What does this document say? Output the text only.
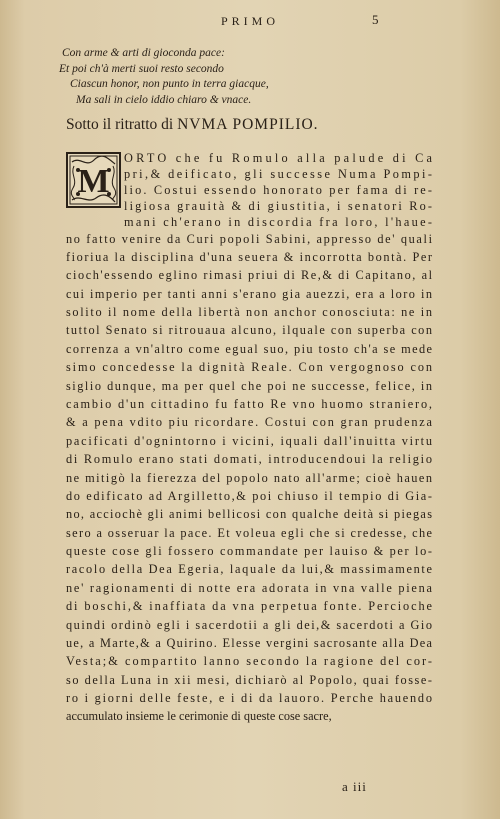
PRIMO	5
Con arme & arti di gioconda pace:
Et poi ch'à merti suoi resto secondo
Ciascun honor, non punto in terra giacque,
Ma sali in cielo iddio chiaro & vnace.
Sotto il ritratto di NVMA POMPILIO.
M
ORTO che fu Romulo alla palude di Ca
pri,& deificato, gli successe Numa Pompi-
lio. Costui essendo honorato per fama di re-
ligiosa grauità & di giustitia, i senatori Ro-
mani ch'erano in discordia fra loro, l'haue-
no fatto venire da Curi popoli Sabini, appresso de' quali
fioriua la disciplina d'una seuera & incorrotta bontà. Per
cioch'essendo eglino rimasi priui di Re,& di Capitano, al
cui imperio per tanti anni s'erano gia auezzi, era a loro in
solito il nome della libertà non anchor conosciuta: ne in
tuttol Senato si ritrouaua alcuno, ilquale con superba con
correnza a vn'altro come egual suo, piu tosto ch'a se mede
simo concedesse la dignità Reale. Con vergognoso con
siglio dunque, ma per quel che poi ne successe, felice, in
cambio d'un cittadino fu fatto Re vno huomo straniero,
& a pena vdito piu ricordare. Costui con gran prudenza
pacificati d'ognintorno i vicini, iquali dall'inuitta virtu
di Romulo erano stati domati, introducendoui la religio
ne mitigò la fierezza del popolo nato all'arme; cioè hauen
do edificato ad Argilletto,& poi chiuso il tempio di Gia-
no, acciochè gli animi bellicosi con qualche deità si piegas
sero a osseruar la pace. Et voleua egli che si credesse, che
queste cose gli fossero commandate per lauiso & per lo-
racolo della Dea Egeria, laquale da lui,& massimamente
ne' ragionamenti di notte era adorata in vna valle piena
di boschi,& inaffiata da vna perpetua fonte. Percioche
quindi ordinò egli i sacerdotii a gli dei,& sacerdoti a Gio
ue, a Marte,& a Quirino. Elesse vergini sacrosante alla Dea
Vesta;& compartito lanno secondo la ragione del cor-
so della Luna in xii mesi, dichiarò al Popolo, quai fosse-
ro i giorni delle feste, e i di da lauoro. Perche hauendo
accumulato insieme le cerimonie di queste cose sacre,
a iii
